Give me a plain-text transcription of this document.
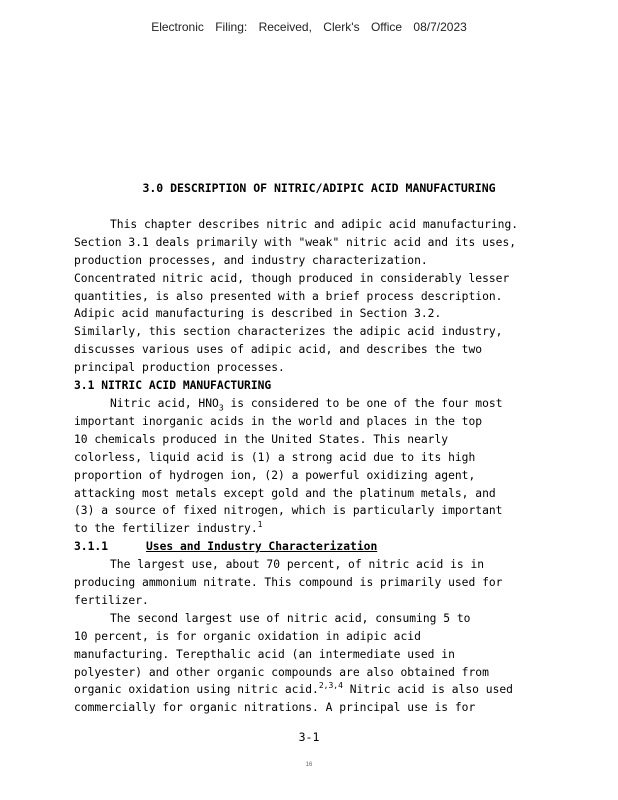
Electronic Filing: Received, Clerk's Office 08/7/2023
3.0 DESCRIPTION OF NITRIC/ADIPIC ACID MANUFACTURING

This chapter describes nitric and adipic acid manufacturing.

Section 3.1 deals primarily with "weak" nitric acid and its uses,

production processes, and industry characterization.

Concentrated nitric acid, though produced in considerably lesser

quantities, is also presented with a brief process description.

Adipic acid manufacturing is described in Section 3.2.

Similarly, this section characterizes the adipic acid industry,

discusses various uses of adipic acid, and describes the two

principal production processes.

3.1 NITRIC ACID MANUFACTURING

Nitric acid, $HNO_3$ is considered to be one of the four most

important inorganic acids in the world and places in the top

10 chemicals produced in the United States. This nearly

colorless, liquid acid is (1) a strong acid due to its high

proportion of hydrogen ion, (2) a powerful oxidizing agent,

attacking most metals except gold and the platinum metals, and

(3) a source of fixed nitrogen, which is particularly important

to the fertilizer industry.$^1$

3.1.1	Uses and Industry Characterization

The largest use, about 70 percent, of nitric acid is in

producing ammonium nitrate. This compound is primarily used for

fertilizer.

The second largest use of nitric acid, consuming 5 to

10 percent, is for organic oxidation in adipic acid

manufacturing. Terepthalic acid (an intermediate used in

polyester) and other organic compounds are also obtained from

organic oxidation using nitric acid.$^{2,3,4}$ Nitric acid is also used

commercially for organic nitrations. A principal use is for

3-1
16
